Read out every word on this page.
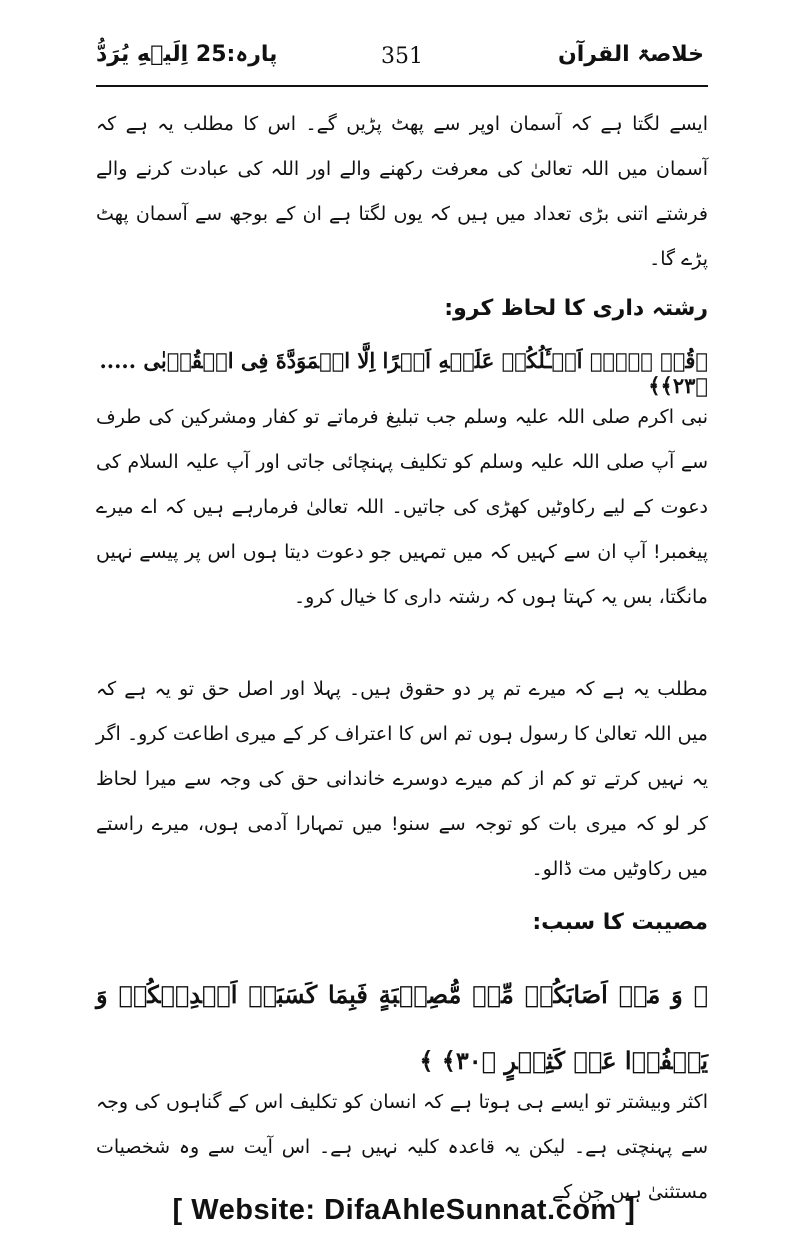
پارہ:25 اِلَيۡهِ يُرَدُّ	351	خلاصۃ القرآن
ایسے لگتا ہے کہ آسمان اوپر سے پھٹ پڑیں گے۔ اس کا مطلب یہ ہے کہ آسمان میں اللہ تعالیٰ کی معرفت رکھنے والے اور اللہ کی عبادت کرنے والے فرشتے اتنی بڑی تعداد میں ہیں کہ یوں لگتا ہے ان کے بوجھ سے آسمان پھٹ پڑے گا۔
رشتہ داری کا لحاظ کرو:
﴿قُلۡ لَّاۤ اَسۡـَٔلُكُمۡ عَلَيۡهِ اَجۡرًا اِلَّا الۡمَوَدَّةَ فِى الۡقُرۡبٰى ..... ﴿۲۳﴾﴾
نبی اکرم صلی اللہ علیہ وسلم جب تبلیغ فرماتے تو کفار ومشرکین کی طرف سے آپ صلی اللہ علیہ وسلم کو تکلیف پہنچائی جاتی اور آپ علیہ السلام کی دعوت کے لیے رکاوٹیں کھڑی کی جاتیں۔ اللہ تعالیٰ فرمارہے ہیں کہ اے میرے پیغمبر! آپ ان سے کہیں کہ میں تمہیں جو دعوت دیتا ہوں اس پر پیسے نہیں مانگتا، بس یہ کہتا ہوں کہ رشتہ داری کا خیال کرو۔
مطلب یہ ہے کہ میرے تم پر دو حقوق ہیں۔ پہلا اور اصل حق تو یہ ہے کہ میں اللہ تعالیٰ کا رسول ہوں تم اس کا اعتراف کر کے میری اطاعت کرو۔ اگر یہ نہیں کرتے تو کم از کم میرے دوسرے خاندانی حق کی وجہ سے میرا لحاظ کر لو کہ میری بات کو توجہ سے سنو! میں تمہارا آدمی ہوں، میرے راستے میں رکاوٹیں مت ڈالو۔
مصیبت کا سبب:
﴿ وَ مَاۤ اَصَابَكُمۡ مِّنۡ مُّصِيۡبَةٍ فَبِمَا كَسَبَتۡ اَيۡدِيۡكُمۡ وَ يَعۡفُوۡا عَنۡ كَثِيۡرٍ ﴿۳۰﴾ ﴾
اکثر وبیشتر تو ایسے ہی ہوتا ہے کہ انسان کو تکلیف اس کے گناہوں کی وجہ سے پہنچتی ہے۔ لیکن یہ قاعدہ کلیہ نہیں ہے۔ اس آیت سے وہ شخصیات مستثنیٰ ہیں جن کے
[ Website: DifaAhleSunnat.com ]
